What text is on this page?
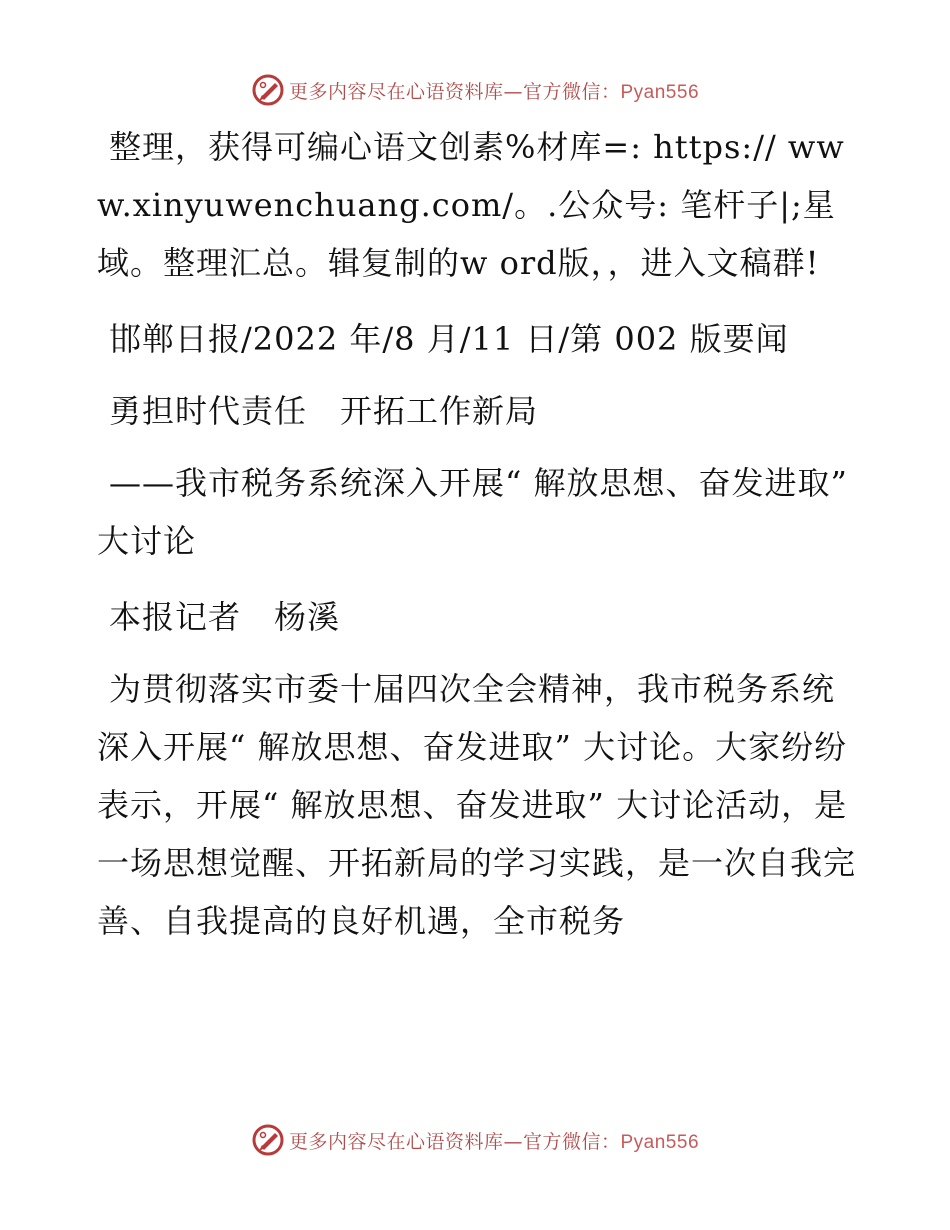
更多内容尽在心语资料库—官方微信：Pyan556

整理，获得可编心语文创素%材库=: https:// www.xinyuwenchuang.com/。.公众号: 笔杆子|;星域。整理汇总。辑复制的w ord版，，进入文稿群!

邯郸日报/2022 年/8 月/11 日/第 002 版要闻

勇担时代责任　开拓工作新局

——我市税务系统深入开展“ 解放思想、奋发进取” 大讨论

本报记者　杨溪

为贯彻落实市委十届四次全会精神，我市税务系统深入开展“ 解放思想、奋发进取” 大讨论。大家纷纷表示，开展“ 解放思想、奋发进取” 大讨论活动，是一场思想觉醒、开拓新局的学习实践，是一次自我完善、自我提高的良好机遇，全市税务

更多内容尽在心语资料库—官方微信：Pyan556
